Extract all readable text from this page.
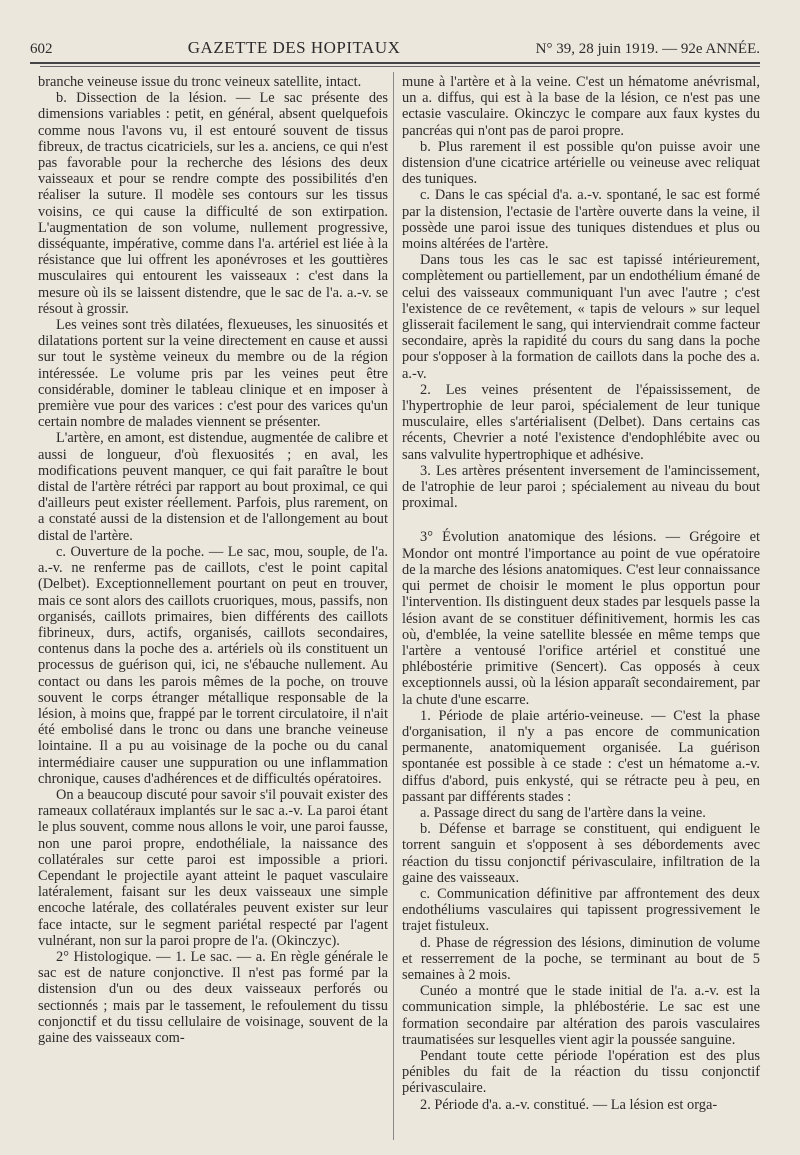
602	GAZETTE DES HOPITAUX	N° 39, 28 juin 1919. — 92e ANNÉE.

branche veineuse issue du tronc veineux satellite, intact.

b. Dissection de la lésion. — Le sac présente des dimensions variables : petit, en général, absent quelquefois comme nous l'avons vu, il est entouré souvent de tissus fibreux, de tractus cicatriciels, sur les a. anciens, ce qui n'est pas favorable pour la recherche des lésions des deux vaisseaux et pour se rendre compte des possibilités d'en réaliser la suture. Il modèle ses contours sur les tissus voisins, ce qui cause la difficulté de son extirpation. L'augmentation de son volume, nullement progressive, disséquante, impérative, comme dans l'a. artériel est liée à la résistance que lui offrent les aponévroses et les gouttières musculaires qui entourent les vaisseaux : c'est dans la mesure où ils se laissent distendre, que le sac de l'a. a.-v. se résout à grossir.

Les veines sont très dilatées, flexueuses, les sinuosités et dilatations portent sur la veine directement en cause et aussi sur tout le système veineux du membre ou de la région intéressée. Le volume pris par les veines peut être considérable, dominer le tableau clinique et en imposer à première vue pour des varices : c'est pour des varices qu'un certain nombre de malades viennent se présenter.

L'artère, en amont, est distendue, augmentée de calibre et aussi de longueur, d'où flexuosités ; en aval, les modifications peuvent manquer, ce qui fait paraître le bout distal de l'artère rétréci par rapport au bout proximal, ce qui d'ailleurs peut exister réellement. Parfois, plus rarement, on a constaté aussi de la distension et de l'allongement au bout distal de l'artère.

c. Ouverture de la poche. — Le sac, mou, souple, de l'a. a.-v. ne renferme pas de caillots, c'est le point capital (Delbet). Exceptionnellement pourtant on peut en trouver, mais ce sont alors des caillots cruoriques, mous, passifs, non organisés, caillots primaires, bien différents des caillots fibrineux, durs, actifs, organisés, caillots secondaires, contenus dans la poche des a. artériels où ils constituent un processus de guérison qui, ici, ne s'ébauche nullement. Au contact ou dans les parois mêmes de la poche, on trouve souvent le corps étranger métallique responsable de la lésion, à moins que, frappé par le torrent circulatoire, il n'ait été embolisé dans le tronc ou dans une branche veineuse lointaine. Il a pu au voisinage de la poche ou du canal intermédiaire causer une suppuration ou une inflammation chronique, causes d'adhérences et de difficultés opératoires.

On a beaucoup discuté pour savoir s'il pouvait exister des rameaux collatéraux implantés sur le sac a.-v. La paroi étant le plus souvent, comme nous allons le voir, une paroi fausse, non une paroi propre, endothéliale, la naissance des collatérales sur cette paroi est impossible a priori. Cependant le projectile ayant atteint le paquet vasculaire latéralement, faisant sur les deux vaisseaux une simple encoche latérale, des collatérales peuvent exister sur leur face intacte, sur le segment pariétal respecté par l'agent vulnérant, non sur la paroi propre de l'a. (Okinczyc).

2° Histologique. — 1. Le sac. — a. En règle générale le sac est de nature conjonctive. Il n'est pas formé par la distension d'un ou des deux vaisseaux perforés ou sectionnés ; mais par le tassement, le refoulement du tissu conjonctif et du tissu cellulaire de voisinage, souvent de la gaine des vaisseaux com-

mune à l'artère et à la veine. C'est un hématome anévrismal, un a. diffus, qui est à la base de la lésion, ce n'est pas une ectasie vasculaire. Okinczyc le compare aux faux kystes du pancréas qui n'ont pas de paroi propre.

b. Plus rarement il est possible qu'on puisse avoir une distension d'une cicatrice artérielle ou veineuse avec reliquat des tuniques.

c. Dans le cas spécial d'a. a.-v. spontané, le sac est formé par la distension, l'ectasie de l'artère ouverte dans la veine, il possède une paroi issue des tuniques distendues et plus ou moins altérées de l'artère.

Dans tous les cas le sac est tapissé intérieurement, complètement ou partiellement, par un endothélium émané de celui des vaisseaux communiquant l'un avec l'autre ; c'est l'existence de ce revêtement, « tapis de velours » sur lequel glisserait facilement le sang, qui interviendrait comme facteur secondaire, après la rapidité du cours du sang dans la poche pour s'opposer à la formation de caillots dans la poche des a. a.-v.

2. Les veines présentent de l'épaississement, de l'hypertrophie de leur paroi, spécialement de leur tunique musculaire, elles s'artérialisent (Delbet). Dans certains cas récents, Chevrier a noté l'existence d'endophlébite avec ou sans valvulite hypertrophique et adhésive.

3. Les artères présentent inversement de l'amincissement, de l'atrophie de leur paroi ; spécialement au niveau du bout proximal.

3° Évolution anatomique des lésions. — Grégoire et Mondor ont montré l'importance au point de vue opératoire de la marche des lésions anatomiques. C'est leur connaissance qui permet de choisir le moment le plus opportun pour l'intervention. Ils distinguent deux stades par lesquels passe la lésion avant de se constituer définitivement, hormis les cas où, d'emblée, la veine satellite blessée en même temps que l'artère a ventousé l'orifice artériel et constitué une phlébostérie primitive (Sencert). Cas opposés à ceux exceptionnels aussi, où la lésion apparaît secondairement, par la chute d'une escarre.

1. Période de plaie artério-veineuse. — C'est la phase d'organisation, il n'y a pas encore de communication permanente, anatomiquement organisée. La guérison spontanée est possible à ce stade : c'est un hématome a.-v. diffus d'abord, puis enkysté, qui se rétracte peu à peu, en passant par différents stades :

a. Passage direct du sang de l'artère dans la veine.

b. Défense et barrage se constituent, qui endiguent le torrent sanguin et s'opposent à ses débordements avec réaction du tissu conjonctif périvasculaire, infiltration de la gaine des vaisseaux.

c. Communication définitive par affrontement des deux endothéliums vasculaires qui tapissent progressivement le trajet fistuleux.

d. Phase de régression des lésions, diminution de volume et resserrement de la poche, se terminant au bout de 5 semaines à 2 mois.

Cunéo a montré que le stade initial de l'a. a.-v. est la communication simple, la phlébostérie. Le sac est une formation secondaire par altération des parois vasculaires traumatisées sur lesquelles vient agir la poussée sanguine.

Pendant toute cette période l'opération est des plus pénibles du fait de la réaction du tissu conjonctif périvasculaire.

2. Période d'a. a.-v. constitué. — La lésion est orga-
